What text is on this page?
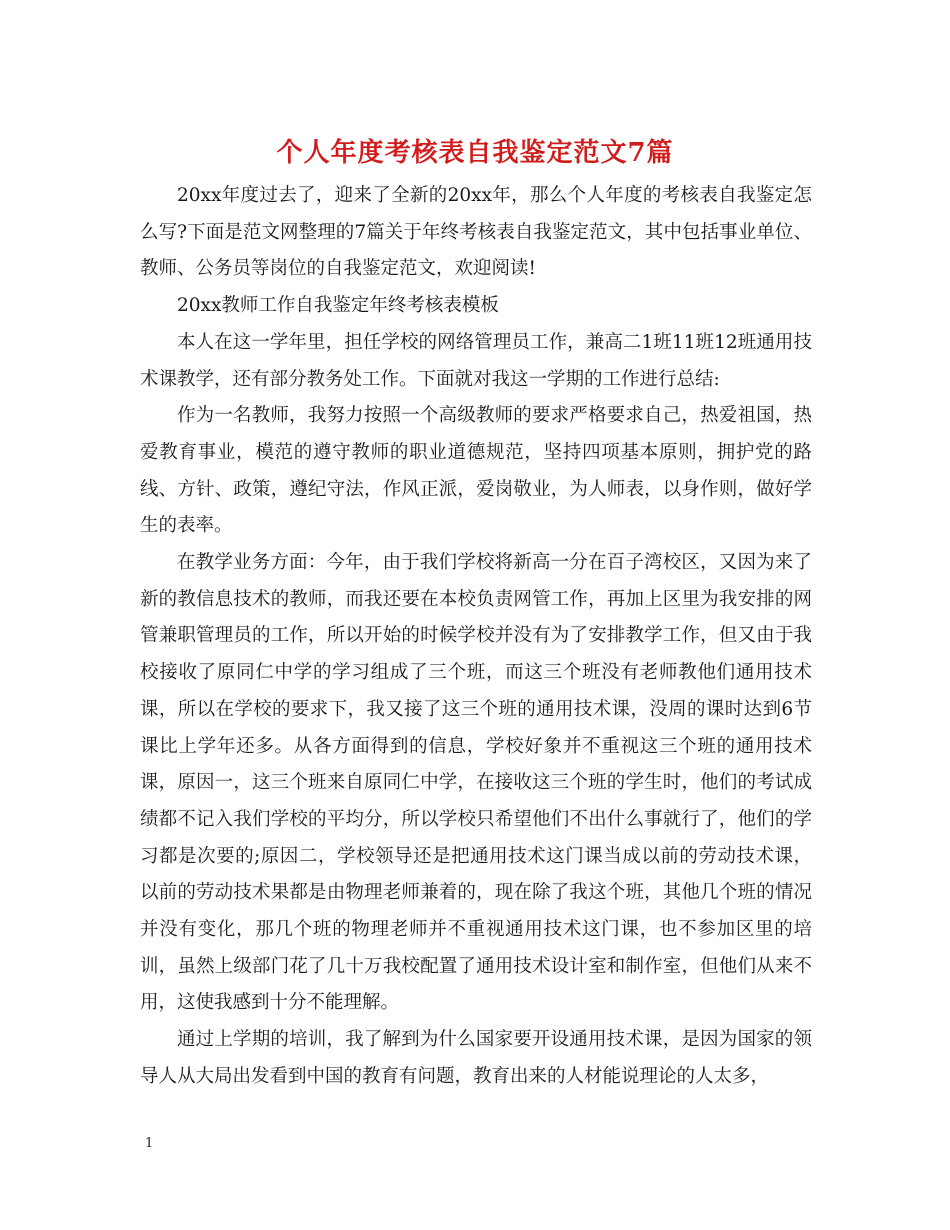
个人年度考核表自我鉴定范文7篇

20xx年度过去了，迎来了全新的20xx年，那么个人年度的考核表自我鉴定怎么写?下面是范文网整理的7篇关于年终考核表自我鉴定范文，其中包括事业单位、教师、公务员等岗位的自我鉴定范文，欢迎阅读!

20xx教师工作自我鉴定年终考核表模板

本人在这一学年里，担任学校的网络管理员工作，兼高二1班11班12班通用技术课教学，还有部分教务处工作。下面就对我这一学期的工作进行总结:

作为一名教师，我努力按照一个高级教师的要求严格要求自己，热爱祖国，热爱教育事业，模范的遵守教师的职业道德规范，坚持四项基本原则，拥护党的路线、方针、政策，遵纪守法，作风正派，爱岗敬业，为人师表，以身作则，做好学生的表率。

在教学业务方面：今年，由于我们学校将新高一分在百子湾校区，又因为来了新的教信息技术的教师，而我还要在本校负责网管工作，再加上区里为我安排的网管兼职管理员的工作，所以开始的时候学校并没有为了安排教学工作，但又由于我校接收了原同仁中学的学习组成了三个班，而这三个班没有老师教他们通用技术课，所以在学校的要求下，我又接了这三个班的通用技术课，没周的课时达到6节课比上学年还多。从各方面得到的信息，学校好象并不重视这三个班的通用技术课，原因一，这三个班来自原同仁中学，在接收这三个班的学生时，他们的考试成绩都不记入我们学校的平均分，所以学校只希望他们不出什么事就行了，他们的学习都是次要的;原因二，学校领导还是把通用技术这门课当成以前的劳动技术课，以前的劳动技术果都是由物理老师兼着的，现在除了我这个班，其他几个班的情况并没有变化，那几个班的物理老师并不重视通用技术这门课，也不参加区里的培训，虽然上级部门花了几十万我校配置了通用技术设计室和制作室，但他们从来不用，这使我感到十分不能理解。

通过上学期的培训，我了解到为什么国家要开设通用技术课，是因为国家的领导人从大局出发看到中国的教育有问题，教育出来的人材能说理论的人太多，

1
